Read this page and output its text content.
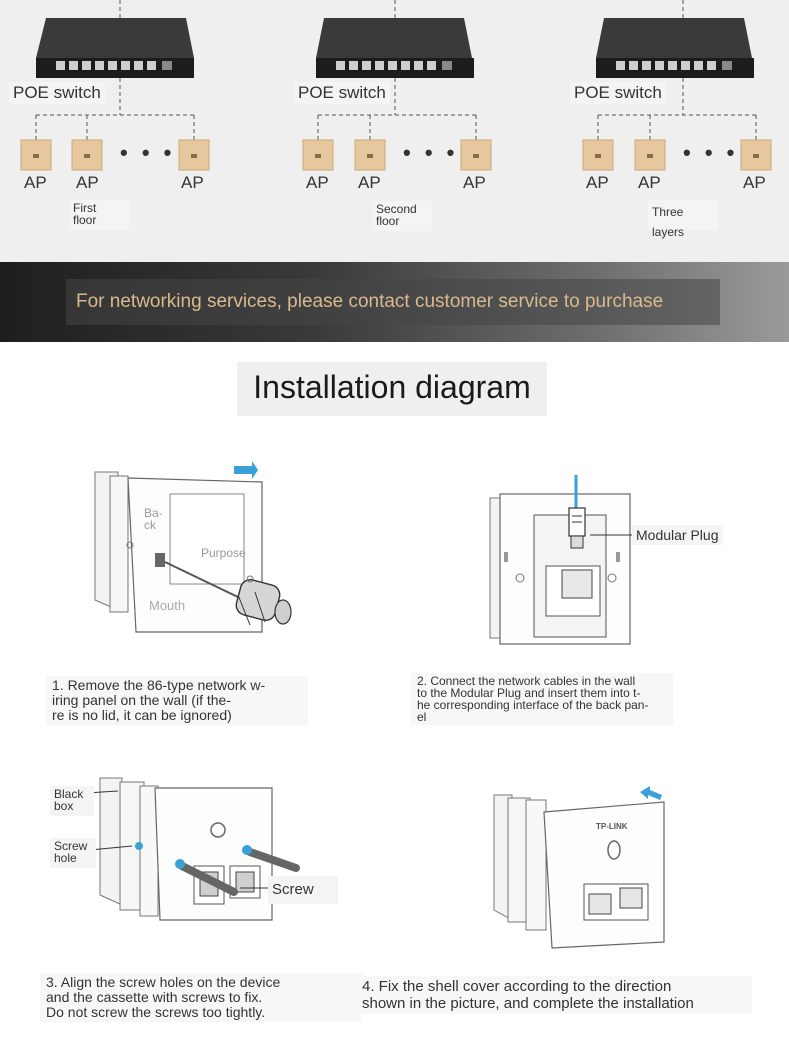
POE switch	POE switch	POE switch
AP AP	AP	AP AP	AP	AP AP	AP
• • •	• • •	• • •
First
floor
Second
floor
Three layers
For networking services, please contact customer service to purchase
Installation diagram
Ba-
ck
Purpose
Mouth
Modular Plug
Black
box
Screw
hole
Screw
TP-LINK
1. Remove the 86-type network w-
iring panel on the wall (if the-
re is no lid, it can be ignored)
2. Connect the network cables in the wall
to the Modular Plug and insert them into t-
he corresponding interface of the back pan-
el
3. Align the screw holes on the device
and the cassette with screws to fix.
Do not screw the screws too tightly.
4. Fix the shell cover according to the direction
shown in the picture, and complete the installation
